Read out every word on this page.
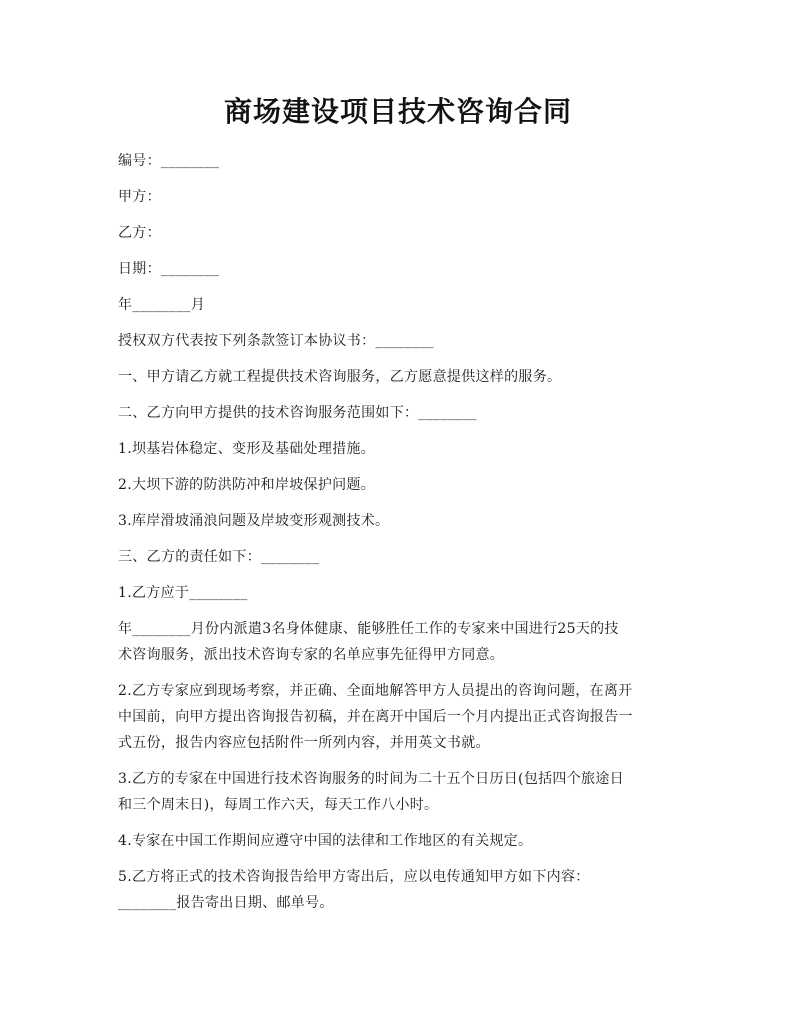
商场建设项目技术咨询合同

编号：________

甲方：

乙方：

日期：________

年________月

授权双方代表按下列条款签订本协议书：________

一、甲方请乙方就工程提供技术咨询服务，乙方愿意提供这样的服务。

二、乙方向甲方提供的技术咨询服务范围如下：________

1.坝基岩体稳定、变形及基础处理措施。

2.大坝下游的防洪防冲和岸坡保护问题。

3.库岸滑坡涌浪问题及岸坡变形观测技术。

三、乙方的责任如下：________

1.乙方应于________

年________月份内派遣3名身体健康、能够胜任工作的专家来中国进行25天的技
术咨询服务，派出技术咨询专家的名单应事先征得甲方同意。
2.乙方专家应到现场考察，并正确、全面地解答甲方人员提出的咨询问题，在离开
中国前，向甲方提出咨询报告初稿，并在离开中国后一个月内提出正式咨询报告一
式五份，报告内容应包括附件一所列内容，并用英文书就。
3.乙方的专家在中国进行技术咨询服务的时间为二十五个日历日(包括四个旅途日
和三个周末日)，每周工作六天，每天工作八小时。
4.专家在中国工作期间应遵守中国的法律和工作地区的有关规定。
5.乙方将正式的技术咨询报告给甲方寄出后，应以电传通知甲方如下内容：
________报告寄出日期、邮单号。
